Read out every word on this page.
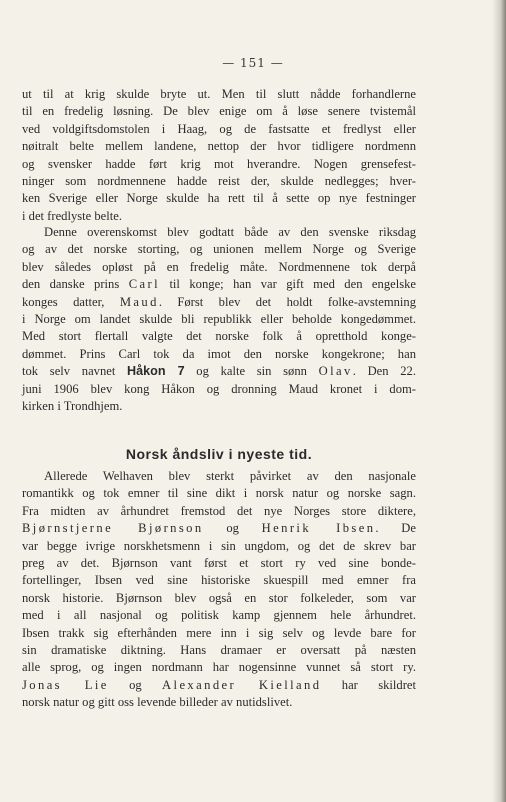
— 151 —
ut til at krig skulde bryte ut. Men til slutt nådde forhandlerne
til en fredelig løsning. De blev enige om å løse senere tvistemål
ved voldgiftsdomstolen i Haag, og de fastsatte et fredlyst eller
nøitralt belte mellem landene, nettop der hvor tidligere nordmenn
og svensker hadde ført krig mot hverandre. Nogen grensefest-
ninger som nordmennene hadde reist der, skulde nedlegges; hver-
ken Sverige eller Norge skulde ha rett til å sette op nye festninger
i det fredlyste belte.
Denne overenskomst blev godtatt både av den svenske riksdag
og av det norske storting, og unionen mellem Norge og Sverige
blev således opløst på en fredelig måte. Nordmennene tok derpå
den danske prins Carl til konge; han var gift med den engelske
konges datter, Maud. Først blev det holdt folke-avstemning
i Norge om landet skulde bli republikk eller beholde kongedømmet.
Med stort flertall valgte det norske folk å opretthold konge-
dømmet. Prins Carl tok da imot den norske kongekrone; han
tok selv navnet Håkon 7 og kalte sin sønn Olav. Den 22.
juni 1906 blev kong Håkon og dronning Maud kronet i dom-
kirken i Trondhjem.
Norsk åndsliv i nyeste tid.
Allerede Welhaven blev sterkt påvirket av den nasjonale
romantikk og tok emner til sine dikt i norsk natur og norske sagn.
Fra midten av århundret fremstod det nye Norges store diktere,
Bjørnstjerne Bjørnson og Henrik Ibsen. De
var begge ivrige norskhetsmenn i sin ungdom, og det de skrev bar
preg av det. Bjørnson vant først et stort ry ved sine bonde-
fortellinger, Ibsen ved sine historiske skuespill med emner fra
norsk historie. Bjørnson blev også en stor folkeleder, som var
med i all nasjonal og politisk kamp gjennem hele århundret.
Ibsen trakk sig efterhånden mere inn i sig selv og levde bare for
sin dramatiske diktning. Hans dramaer er oversatt på næsten
alle sprog, og ingen nordmann har nogensinne vunnet så stort ry.
Jonas Lie og Alexander Kielland har skildret
norsk natur og gitt oss levende billeder av nutidslivet.
